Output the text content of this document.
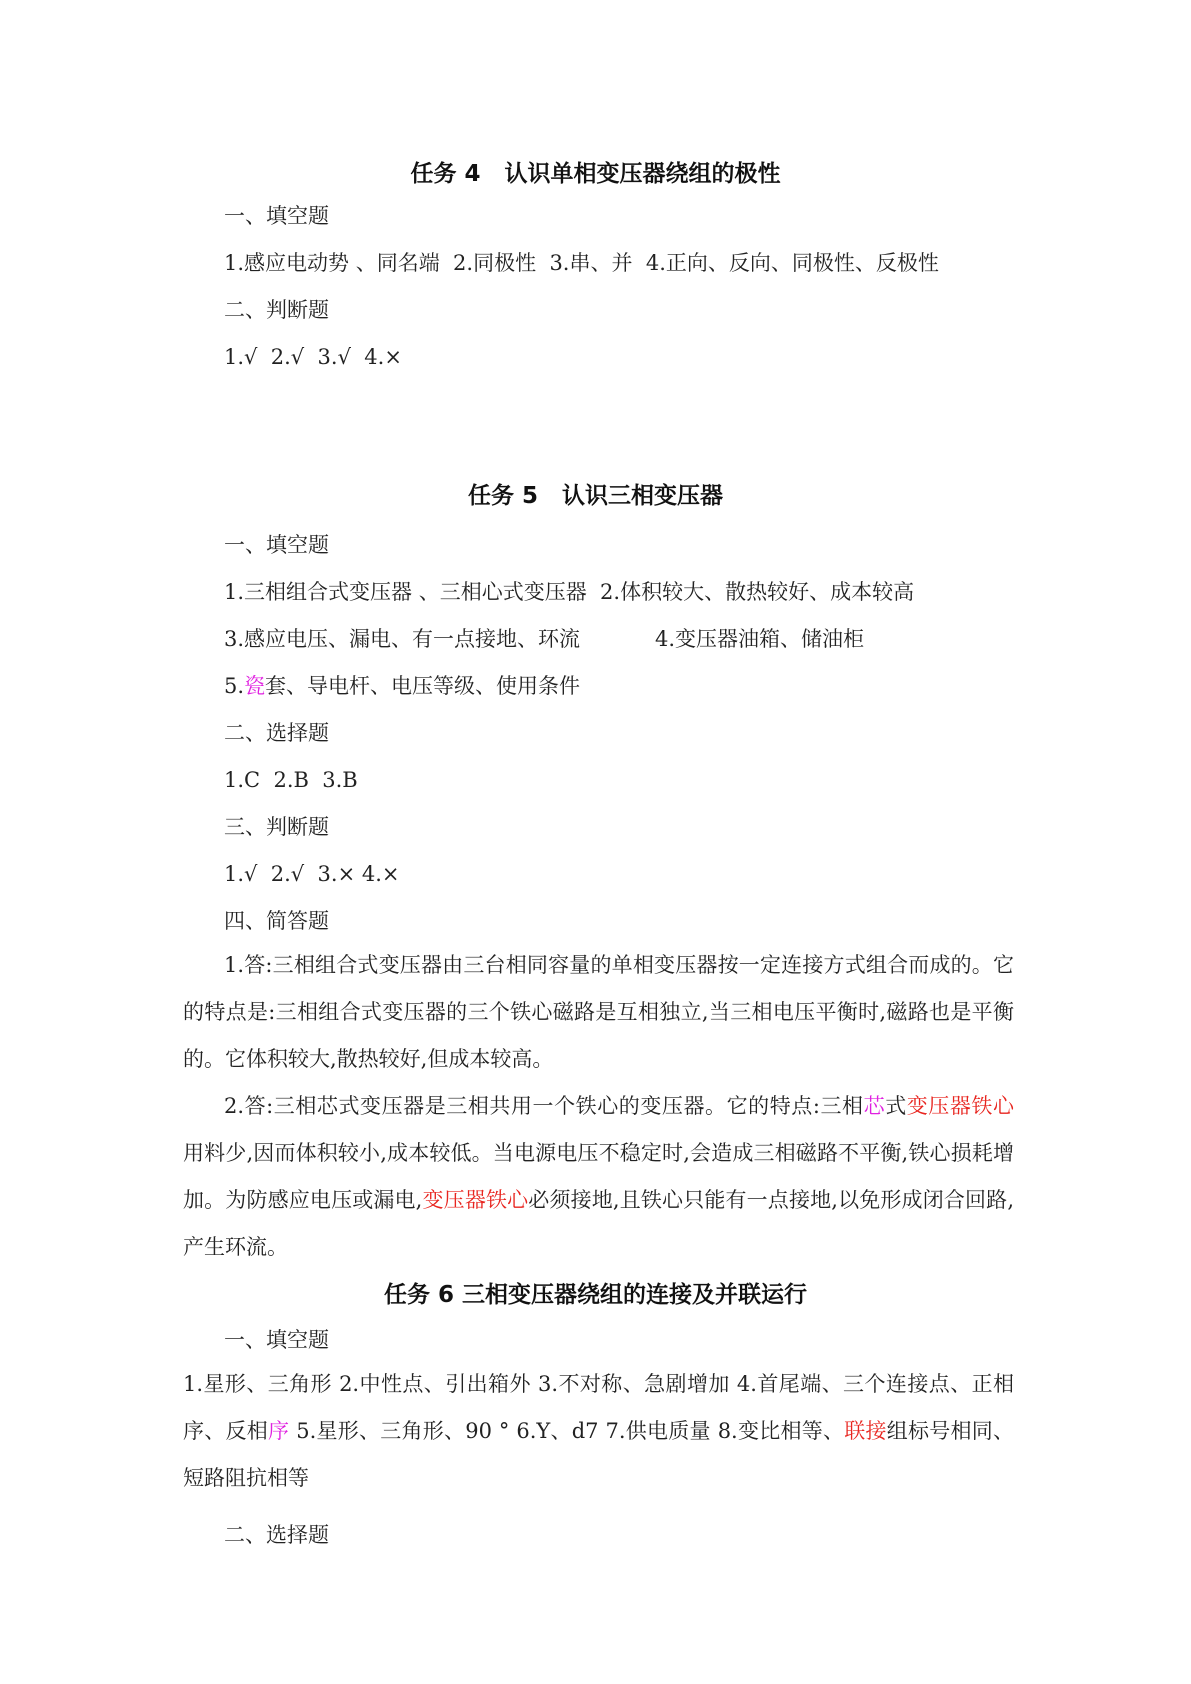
任务 4   认识单相变压器绕组的极性
一、填空题
1.感应电动势 、同名端  2.同极性  3.串、并  4.正向、反向、同极性、反极性
二、判断题
1.√  2.√  3.√  4.×
任务 5   认识三相变压器
一、填空题
1.三相组合式变压器 、三相心式变压器  2.体积较大、散热较好、成本较高
3.感应电压、漏电、有一点接地、环流	4.变压器油箱、储油柜
5.瓷套、导电杆、电压等级、使用条件
二、选择题
1.C  2.B  3.B
三、判断题
1.√  2.√  3.× 4.×
四、简答题
1.答:三相组合式变压器由三台相同容量的单相变压器按一定连接方式组合而成的。它的特点是:三相组合式变压器的三个铁心磁路是互相独立,当三相电压平衡时,磁路也是平衡的。它体积较大,散热较好,但成本较高。
2.答:三相芯式变压器是三相共用一个铁心的变压器。它的特点:三相芯式变压器铁心用料少,因而体积较小,成本较低。当电源电压不稳定时,会造成三相磁路不平衡,铁心损耗增加。为防感应电压或漏电,变压器铁心必须接地,且铁心只能有一点接地,以免形成闭合回路,产生环流。
任务 6 三相变压器绕组的连接及并联运行
一、填空题
1.星形、三角形 2.中性点、引出箱外 3.不对称、急剧增加 4.首尾端、三个连接点、正相序、反相序 5.星形、三角形、90 ° 6.Y、d7 7.供电质量 8.变比相等、联接组标号相同、短路阻抗相等
二、选择题
